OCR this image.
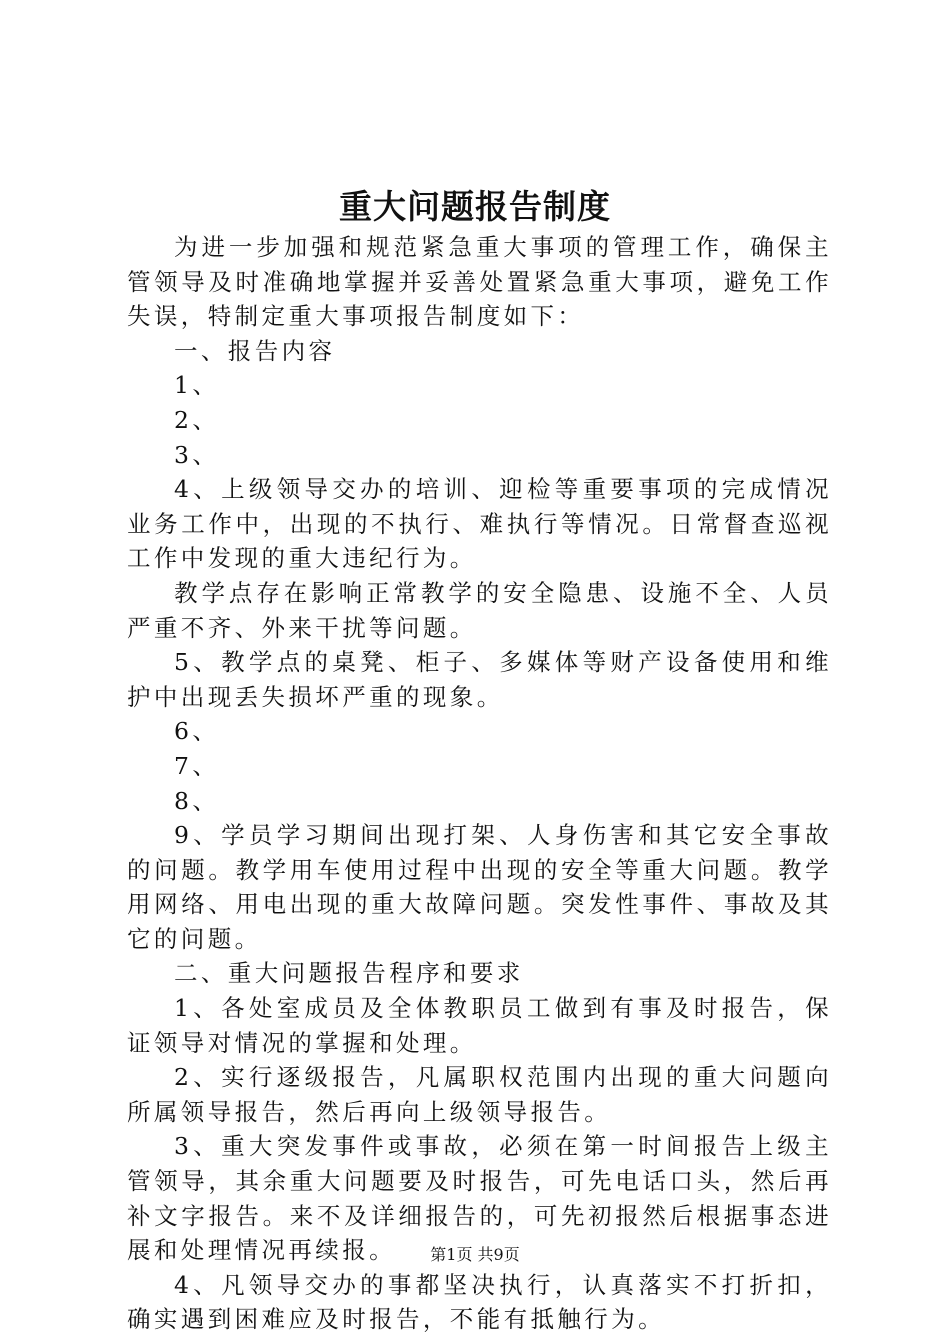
重大问题报告制度

为进一步加强和规范紧急重大事项的管理工作，确保主管领导及时准确地掌握并妥善处置紧急重大事项，避免工作失误，特制定重大事项报告制度如下：

一、报告内容

1、

2、

3、

4、上级领导交办的培训、迎检等重要事项的完成情况业务工作中，出现的不执行、难执行等情况。日常督查巡视工作中发现的重大违纪行为。

教学点存在影响正常教学的安全隐患、设施不全、人员严重不齐、外来干扰等问题。

5、教学点的桌凳、柜子、多媒体等财产设备使用和维护中出现丢失损坏严重的现象。

6、

7、

8、

9、学员学习期间出现打架、人身伤害和其它安全事故的问题。教学用车使用过程中出现的安全等重大问题。教学用网络、用电出现的重大故障问题。突发性事件、事故及其它的问题。

二、重大问题报告程序和要求

1、各处室成员及全体教职员工做到有事及时报告，保证领导对情况的掌握和处理。

2、实行逐级报告，凡属职权范围内出现的重大问题向所属领导报告，然后再向上级领导报告。

3、重大突发事件或事故，必须在第一时间报告上级主管领导，其余重大问题要及时报告，可先电话口头，然后再补文字报告。来不及详细报告的，可先初报然后根据事态进展和处理情况再续报。

4、凡领导交办的事都坚决执行，认真落实不打折扣，确实遇到困难应及时报告，不能有抵触行为。

第1页 共9页
